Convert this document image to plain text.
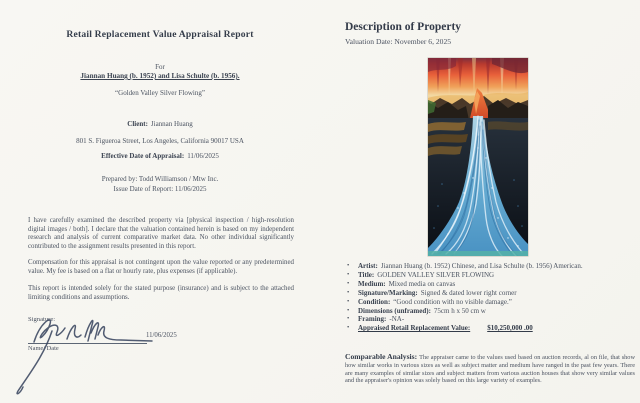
Retail Replacement Value Appraisal Report
For
Jiannan Huang (b. 1952) and Lisa Schulte (b. 1956).
“Golden Valley Silver Flowing”
Client: Jiannan Huang
801 S. Figueroa Street, Los Angeles, California 90017 USA
Effective Date of Appraisal: 11/06/2025
Prepared by: Todd Williamson / Mtw Inc.
Issue Date of Report: 11/06/2025

I have carefully examined the described property via [physical inspection / high-resolution digital images / both]. I declare that the valuation contained herein is based on my independent research and analysis of current comparative market data. No other individual significantly contributed to the assignment results presented in this report.

Compensation for this appraisal is not contingent upon the value reported or any predetermined value. My fee is based on a flat or hourly rate, plus expenses (if applicable).

This report is intended solely for the stated purpose (insurance) and is subject to the attached limiting conditions and assumptions.

Signature:
11/06/2025
Name/ Date
Description of Property
Valuation Date: November 6, 2025
• Artist: Jiannan Huang (b. 1952) Chinese, and Lisa Schulte (b. 1956) American.
• Title: GOLDEN VALLEY SILVER FLOWING
• Medium: Mixed media on canvas
• Signature/Marking: Signed & dated lower right corner
• Condition: “Good condition with no visible damage.”
• Dimensions (unframed): 75cm h x 50 cm w
• Framing: -NA-
• Appraised Retail Replacement Value: $10,250,000 .00
Comparable Analysis: The appraiser came to the values used based on auction records, al on file, that show how similar works in various sizes as well as subject matter and medium have ranged in the past few years. There are many examples of similar sizes and subject matters from various auction houses that show very similar values and the appraiser's opinion was solely based on this large variety of examples.
